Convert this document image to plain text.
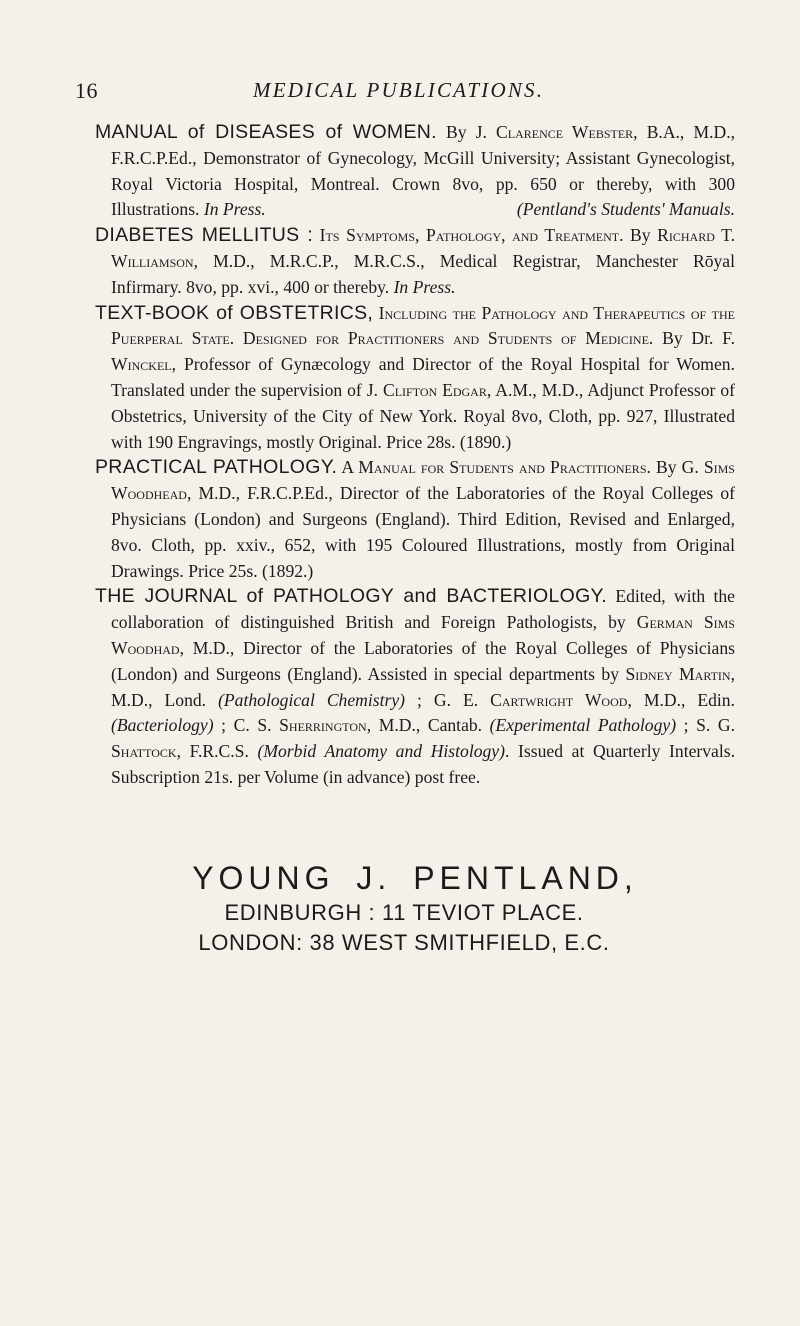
16	MEDICAL PUBLICATIONS.

MANUAL of DISEASES of WOMEN. By J. Clarence Webster, B.A., M.D., F.R.C.P.Ed., Demonstrator of Gynecology, McGill University; Assistant Gynecologist, Royal Victoria Hospital, Montreal. Crown 8vo, pp. 650 or thereby, with 300 Illustrations. In Press.	(Pentland's Students' Manuals.

DIABETES MELLITUS : Its Symptoms, Pathology, and Treatment. By Richard T. Williamson, M.D., M.R.C.P., M.R.C.S., Medical Registrar, Manchester Rōyal Infirmary. 8vo, pp. xvi., 400 or thereby. In Press.

TEXT-BOOK of OBSTETRICS, Including the Pathology and Therapeutics of the Puerperal State. Designed for Practitioners and Students of Medicine. By Dr. F. Winckel, Professor of Gynæcology and Director of the Royal Hospital for Women. Translated under the supervision of J. Clifton Edgar, A.M., M.D., Adjunct Professor of Obstetrics, University of the City of New York. Royal 8vo, Cloth, pp. 927, Illustrated with 190 Engravings, mostly Original. Price 28s. (1890.)

PRACTICAL PATHOLOGY. A Manual for Students and Practitioners. By G. Sims Woodhead, M.D., F.R.C.P.Ed., Director of the Laboratories of the Royal Colleges of Physicians (London) and Surgeons (England). Third Edition, Revised and Enlarged, 8vo. Cloth, pp. xxiv., 652, with 195 Coloured Illustrations, mostly from Original Drawings. Price 25s. (1892.)

THE JOURNAL of PATHOLOGY and BACTERIOLOGY. Edited, with the collaboration of distinguished British and Foreign Pathologists, by German Sims Woodhad, M.D., Director of the Laboratories of the Royal Colleges of Physicians (London) and Surgeons (England). Assisted in special departments by Sidney Martin, M.D., Lond. (Pathological Chemistry) ; G. E. Cartwright Wood, M.D., Edin. (Bacteriology) ; C. S. Sherrington, M.D., Cantab. (Experimental Pathology) ; S. G. Shattock, F.R.C.S. (Morbid Anatomy and Histology). Issued at Quarterly Intervals. Subscription 21s. per Volume (in advance) post free.

YOUNG J. PENTLAND,
EDINBURGH : 11 TEVIOT PLACE.
LONDON: 38 WEST SMITHFIELD, E.C.
